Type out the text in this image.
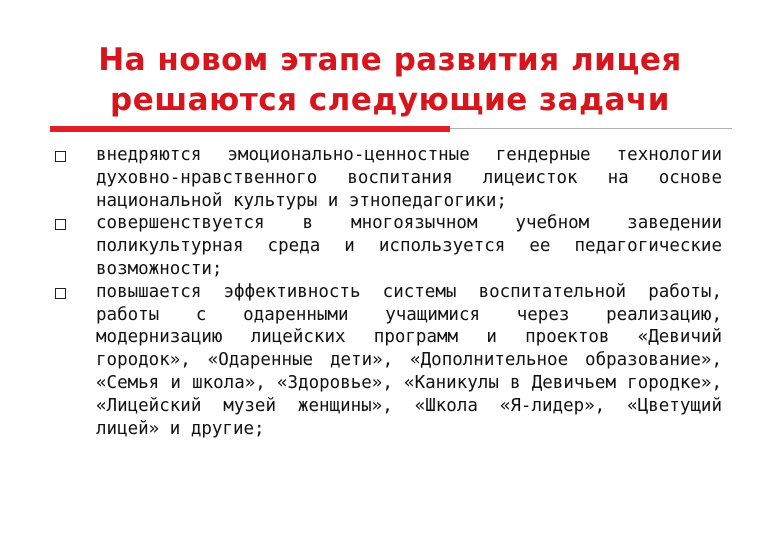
На новом этапе развития лицея
решаются следующие задачи
внедряются эмоционально-ценностные гендерные технологии духовно-нравственного воспитания лицеисток на основе национальной культуры и этнопедагогики;
совершенствуется в многоязычном учебном заведении поликультурная среда и используется ее педагогические возможности;
повышается эффективность системы воспитательной работы, работы с одаренными учащимися через реализацию, модернизацию лицейских программ и проектов «Девичий городок», «Одаренные дети», «Дополнительное образование», «Семья и школа», «Здоровье», «Каникулы в Девичьем городке», «Лицейский музей женщины», «Школа «Я-лидер», «Цветущий лицей» и другие;
